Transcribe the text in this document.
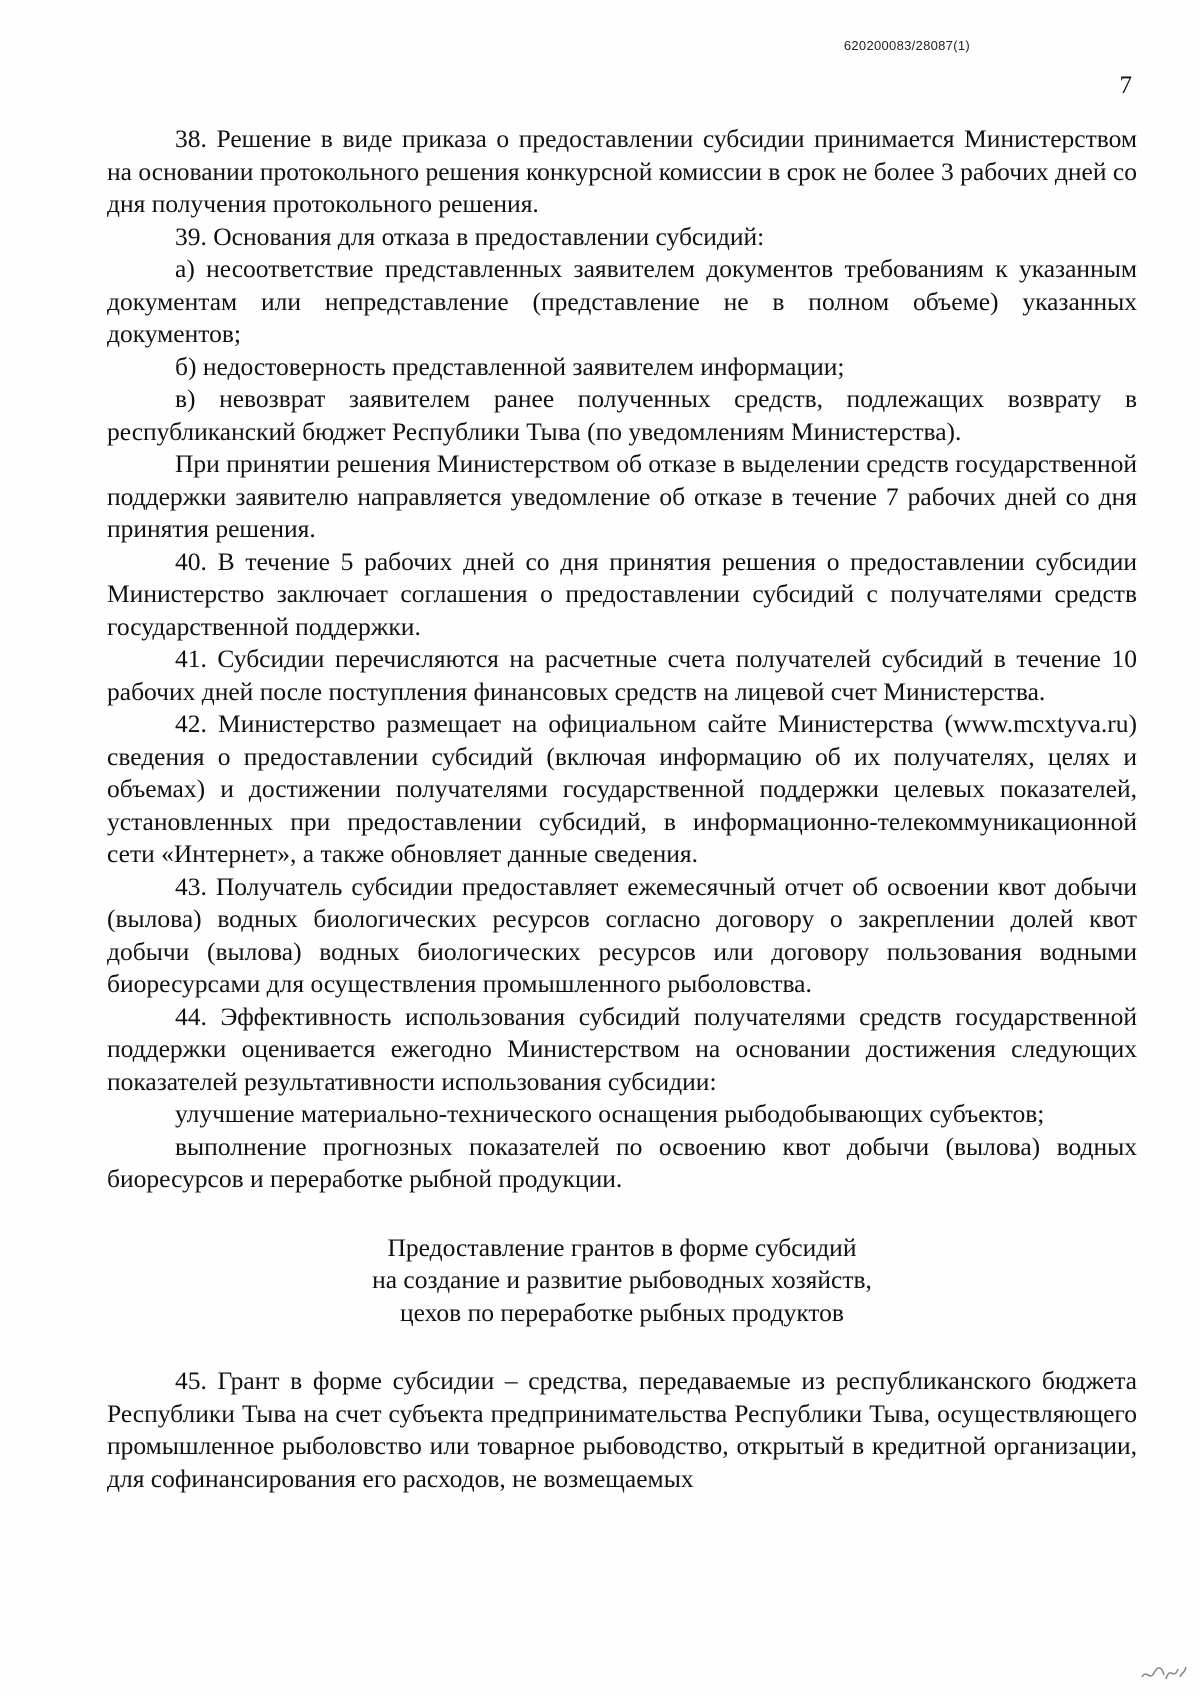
620200083/28087(1)
7

38. Решение в виде приказа о предоставлении субсидии принимается Министерством на основании протокольного решения конкурсной комиссии в срок не более 3 рабочих дней со дня получения протокольного решения.

39. Основания для отказа в предоставлении субсидий:

а) несоответствие представленных заявителем документов требованиям к указанным документам или непредставление (представление не в полном объеме) указанных документов;

б) недостоверность представленной заявителем информации;

в) невозврат заявителем ранее полученных средств, подлежащих возврату в республиканский бюджет Республики Тыва (по уведомлениям Министерства).

При принятии решения Министерством об отказе в выделении средств государственной поддержки заявителю направляется уведомление об отказе в течение 7 рабочих дней со дня принятия решения.

40. В течение 5 рабочих дней со дня принятия решения о предоставлении субсидии Министерство заключает соглашения о предоставлении субсидий с получателями средств государственной поддержки.

41. Субсидии перечисляются на расчетные счета получателей субсидий в течение 10 рабочих дней после поступления финансовых средств на лицевой счет Министерства.

42. Министерство размещает на официальном сайте Министерства (www.mcxtyva.ru) сведения о предоставлении субсидий (включая информацию об их получателях, целях и объемах) и достижении получателями государственной поддержки целевых показателей, установленных при предоставлении субсидий, в информационно-телекоммуникационной сети «Интернет», а также обновляет данные сведения.

43. Получатель субсидии предоставляет ежемесячный отчет об освоении квот добычи (вылова) водных биологических ресурсов согласно договору о закреплении долей квот добычи (вылова) водных биологических ресурсов или договору пользования водными биоресурсами для осуществления промышленного рыболовства.

44. Эффективность использования субсидий получателями средств государственной поддержки оценивается ежегодно Министерством на основании достижения следующих показателей результативности использования субсидии:

улучшение материально-технического оснащения рыбодобывающих субъектов;

выполнение прогнозных показателей по освоению квот добычи (вылова) водных биоресурсов и переработке рыбной продукции.

Предоставление грантов в форме субсидий
на создание и развитие рыбоводных хозяйств,
цехов по переработке рыбных продуктов

45. Грант в форме субсидии – средства, передаваемые из республиканского бюджета Республики Тыва на счет субъекта предпринимательства Республики Тыва, осуществляющего промышленное рыболовство или товарное рыбоводство, открытый в кредитной организации, для софинансирования его расходов, не возмещаемых
